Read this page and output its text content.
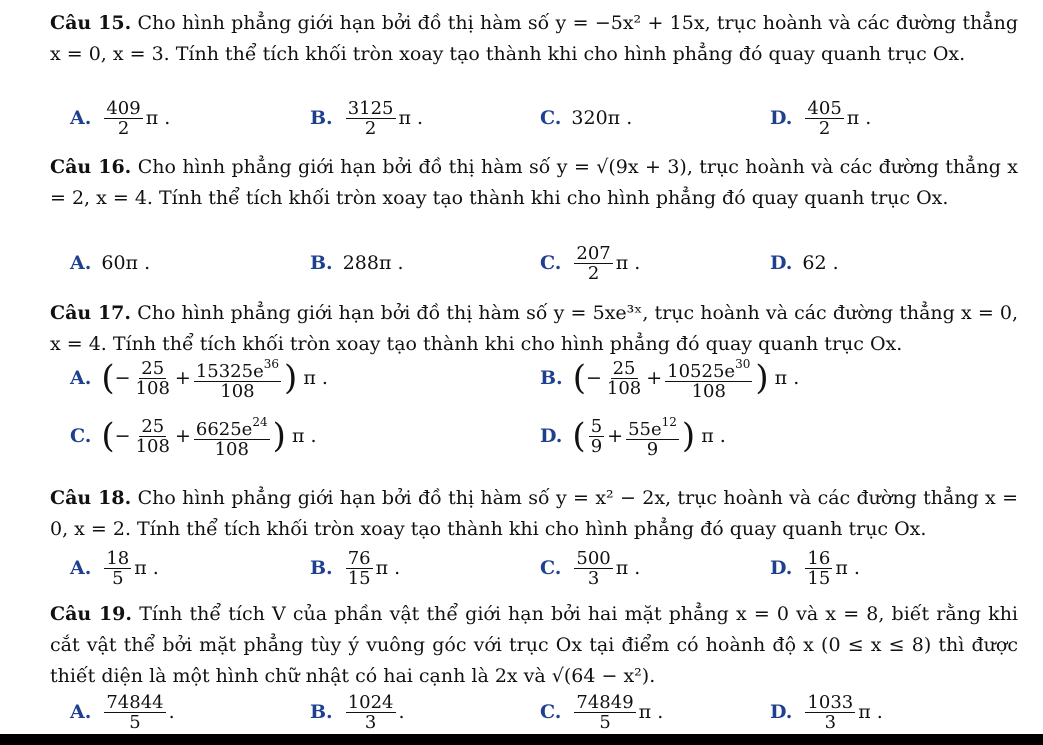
Câu 15. Cho hình phẳng giới hạn bởi đồ thị hàm số y = −5x² + 15x, trục hoành và các đường thẳng x = 0, x = 3. Tính thể tích khối tròn xoay tạo thành khi cho hình phẳng đó quay quanh trục Ox.
A. $\frac{409}{2}$ π .	B. $\frac{3125}{2}$ π .	C. 320π .	D. $\frac{405}{2}$ π .
Câu 16. Cho hình phẳng giới hạn bởi đồ thị hàm số y = √(9x + 3), trục hoành và các đường thẳng x = 2, x = 4. Tính thể tích khối tròn xoay tạo thành khi cho hình phẳng đó quay quanh trục Ox.
A. 60π .	B. 288π .	C. $\frac{207}{2}$ π .	D. 62 .
Câu 17. Cho hình phẳng giới hạn bởi đồ thị hàm số y = 5xe³ˣ, trục hoành và các đường thẳng x = 0, x = 4. Tính thể tích khối tròn xoay tạo thành khi cho hình phẳng đó quay quanh trục Ox.
A. ( − $\frac{25}{108} + \frac{15325e^{36}}{108}$ )
π .	B. ( − $\frac{25}{108} + \frac{10525e^{30}}{108}$ )
π .
C. ( − $\frac{25}{108} + \frac{6625e^{24}}{108}$ )
π .	D. ( $\frac{5}{9} + \frac{55e^{12}}{9}$ )
π .
Câu 18. Cho hình phẳng giới hạn bởi đồ thị hàm số y = x² − 2x, trục hoành và các đường thẳng x = 0, x = 2. Tính thể tích khối tròn xoay tạo thành khi cho hình phẳng đó quay quanh trục Ox.
A. $\frac{18}{5}$ π .	B. $\frac{76}{15}$ π .	C. $\frac{500}{3}$ π .	D. $\frac{16}{15}$ π .
Câu 19. Tính thể tích V của phần vật thể giới hạn bởi hai mặt phẳng x = 0 và x = 8, biết rằng khi cắt vật thể bởi mặt phẳng tùy ý vuông góc với trục Ox tại điểm có hoành độ x (0 ≤ x ≤ 8) thì được thiết diện là một hình chữ nhật có hai cạnh là 2x và √(64 − x²).
A. $\frac{74844}{5}$ .	B. $\frac{1024}{3}$ .	C. $\frac{74849}{5}$ π .	D. $\frac{1033}{3}$ π .
